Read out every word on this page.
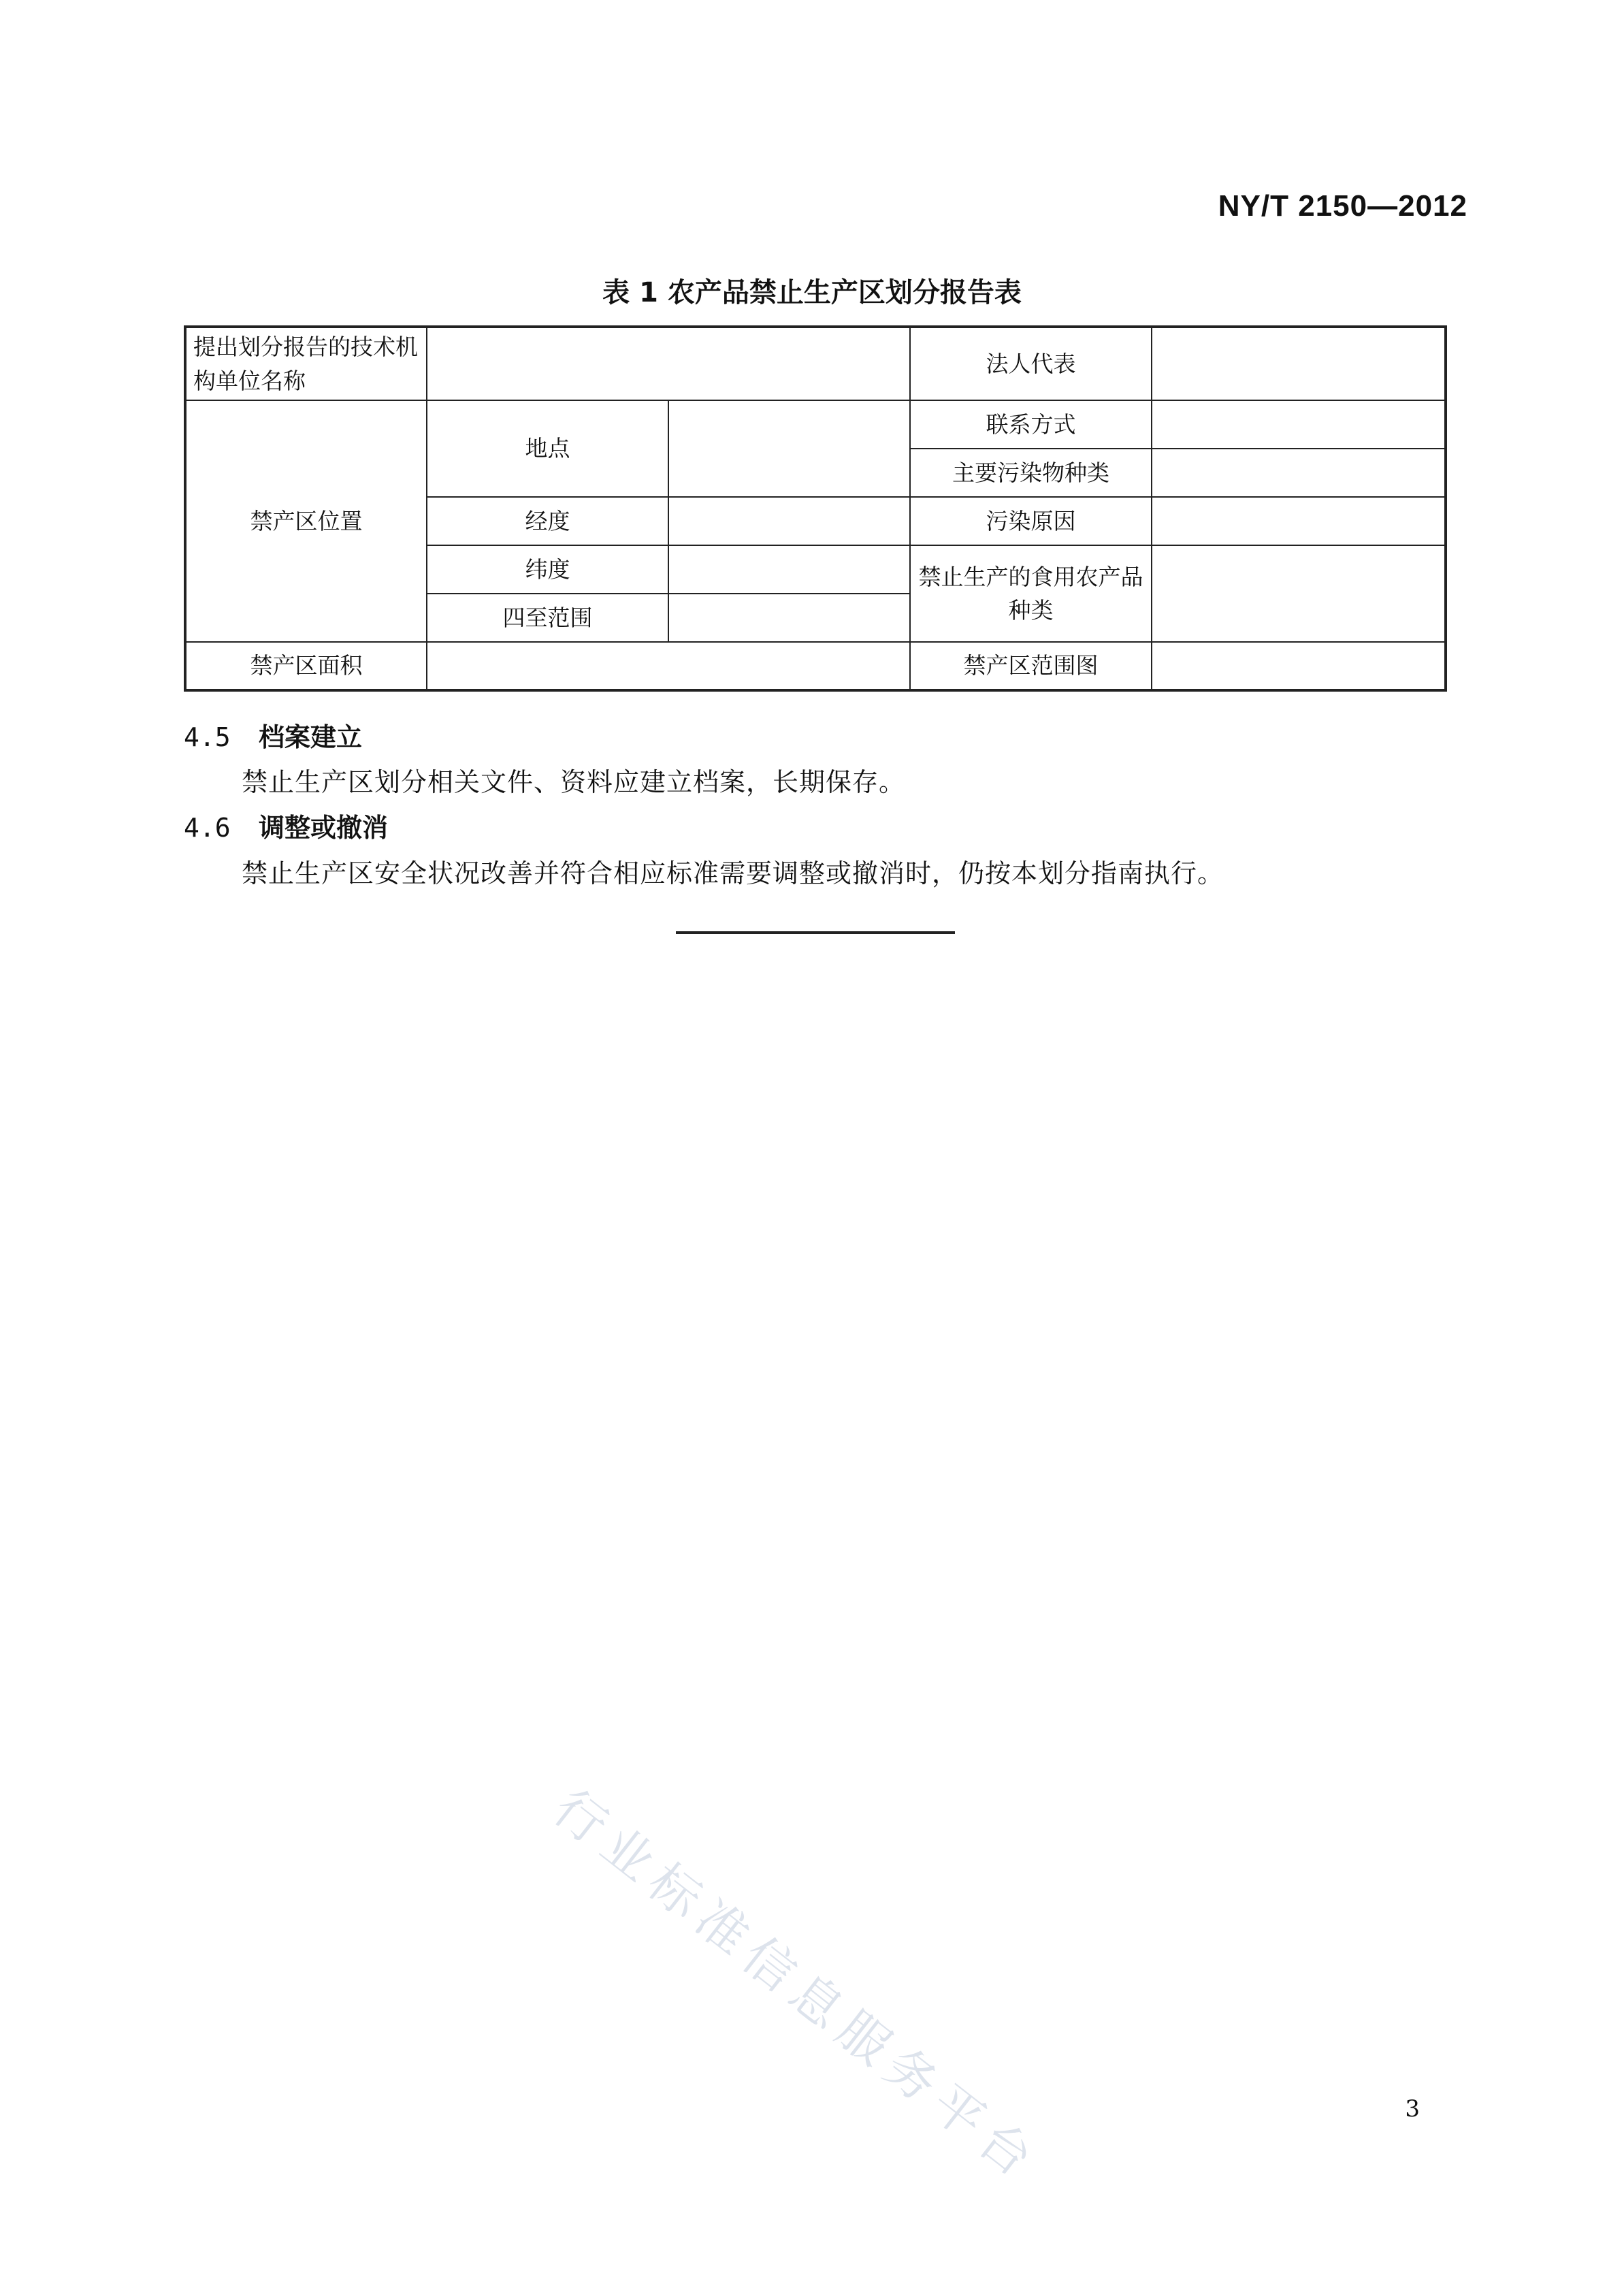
NY/T 2150—2012
表 1 农产品禁止生产区划分报告表
提出划分报告的技术机构单位名称			法人代表	
禁产区位置	地点		联系方式	
			主要污染物种类	
	经度		污染原因	
	纬度		禁止生产的食用农产品种类	
	四至范围			
禁产区面积			禁产区范围图	
4.5 档案建立
禁止生产区划分相关文件、资料应建立档案，长期保存。
4.6 调整或撤消
禁止生产区安全状况改善并符合相应标准需要调整或撤消时，仍按本划分指南执行。
行业标准信息服务平台	3
